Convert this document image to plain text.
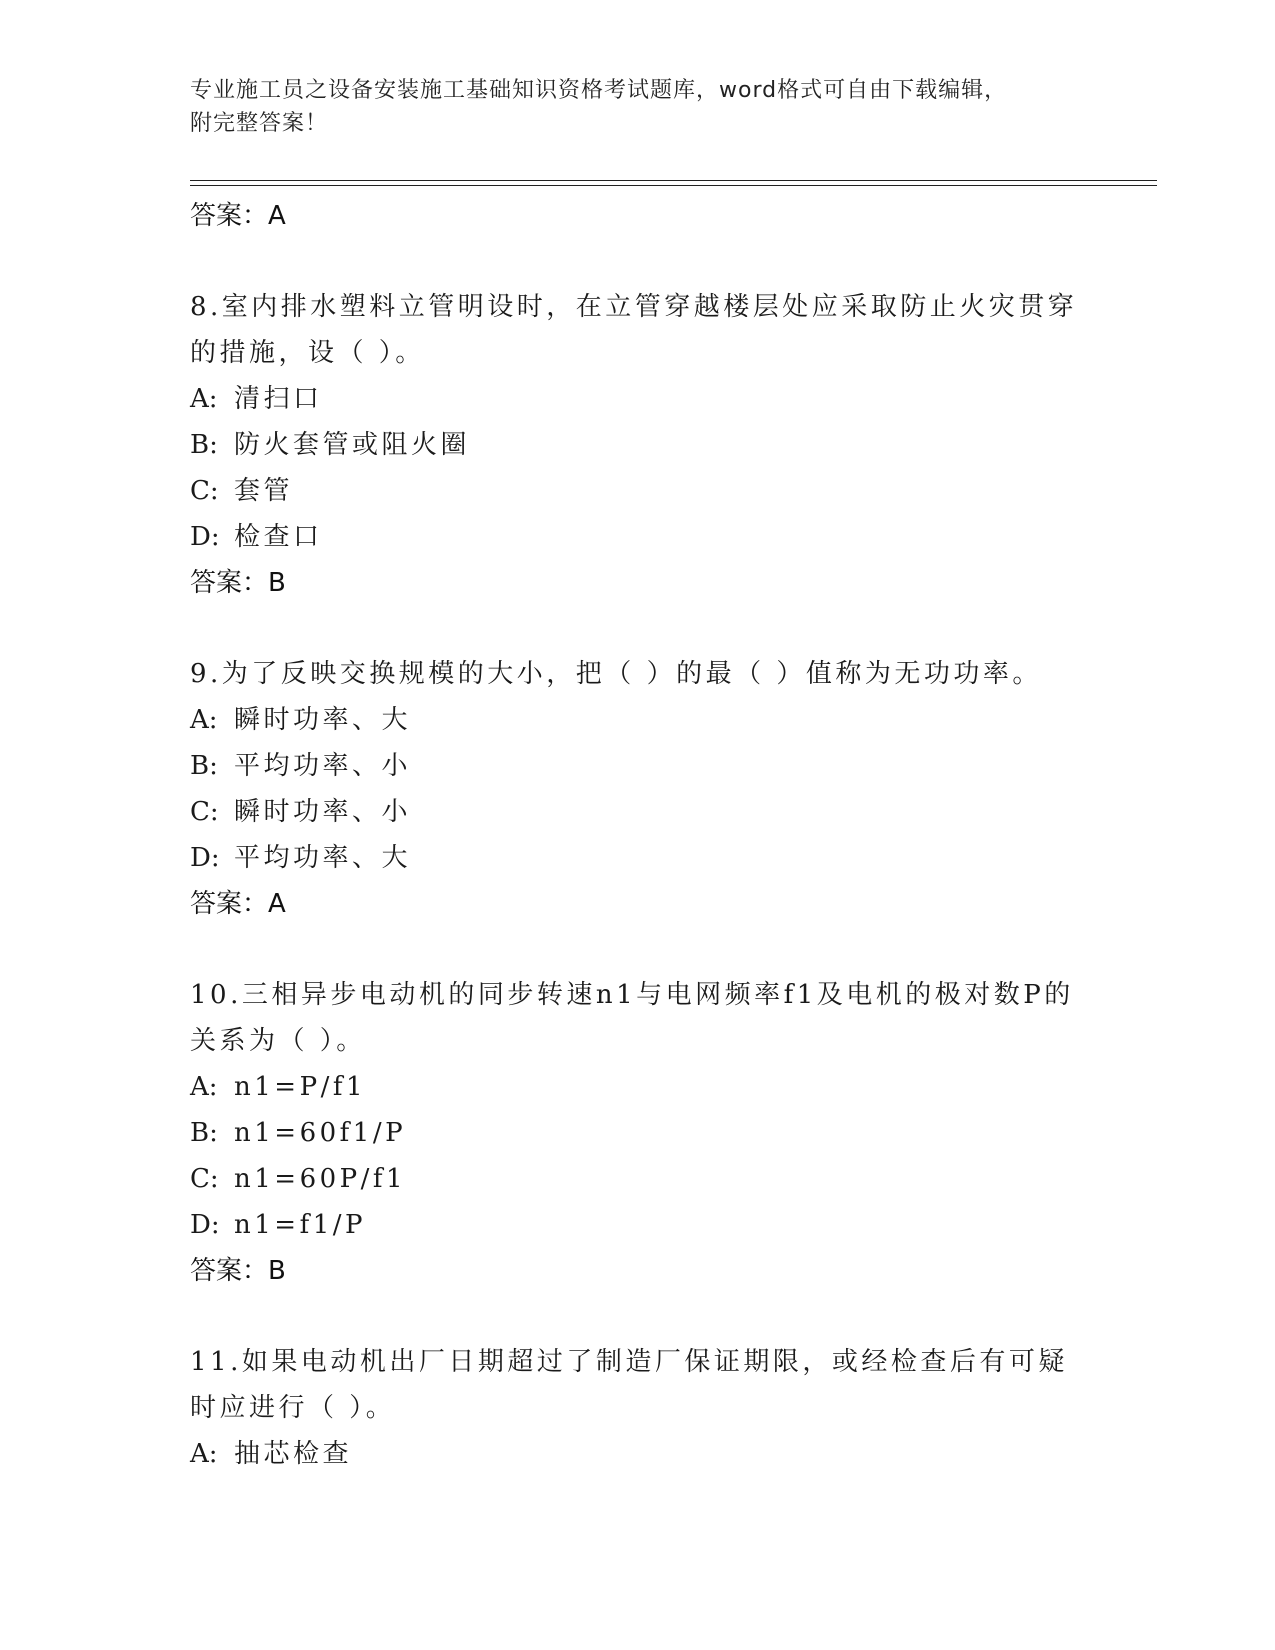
专业施工员之设备安装施工基础知识资格考试题库，word格式可自由下载编辑，
附完整答案！
答案：A
8.室内排水塑料立管明设时，在立管穿越楼层处应采取防止火灾贯穿的措施，设（ ）。
A: 清扫口
B: 防火套管或阻火圈
C: 套管
D: 检查口
答案：B
9.为了反映交换规模的大小，把（ ）的最（ ）值称为无功功率。
A: 瞬时功率、大
B: 平均功率、小
C: 瞬时功率、小
D: 平均功率、大
答案：A
10.三相异步电动机的同步转速n1与电网频率f1及电机的极对数P的关系为（ ）。
A: n1=P/f1
B: n1=60f1/P
C: n1=60P/f1
D: n1=f1/P
答案：B
11.如果电动机出厂日期超过了制造厂保证期限，或经检查后有可疑时应进行（ ）。
A: 抽芯检查
